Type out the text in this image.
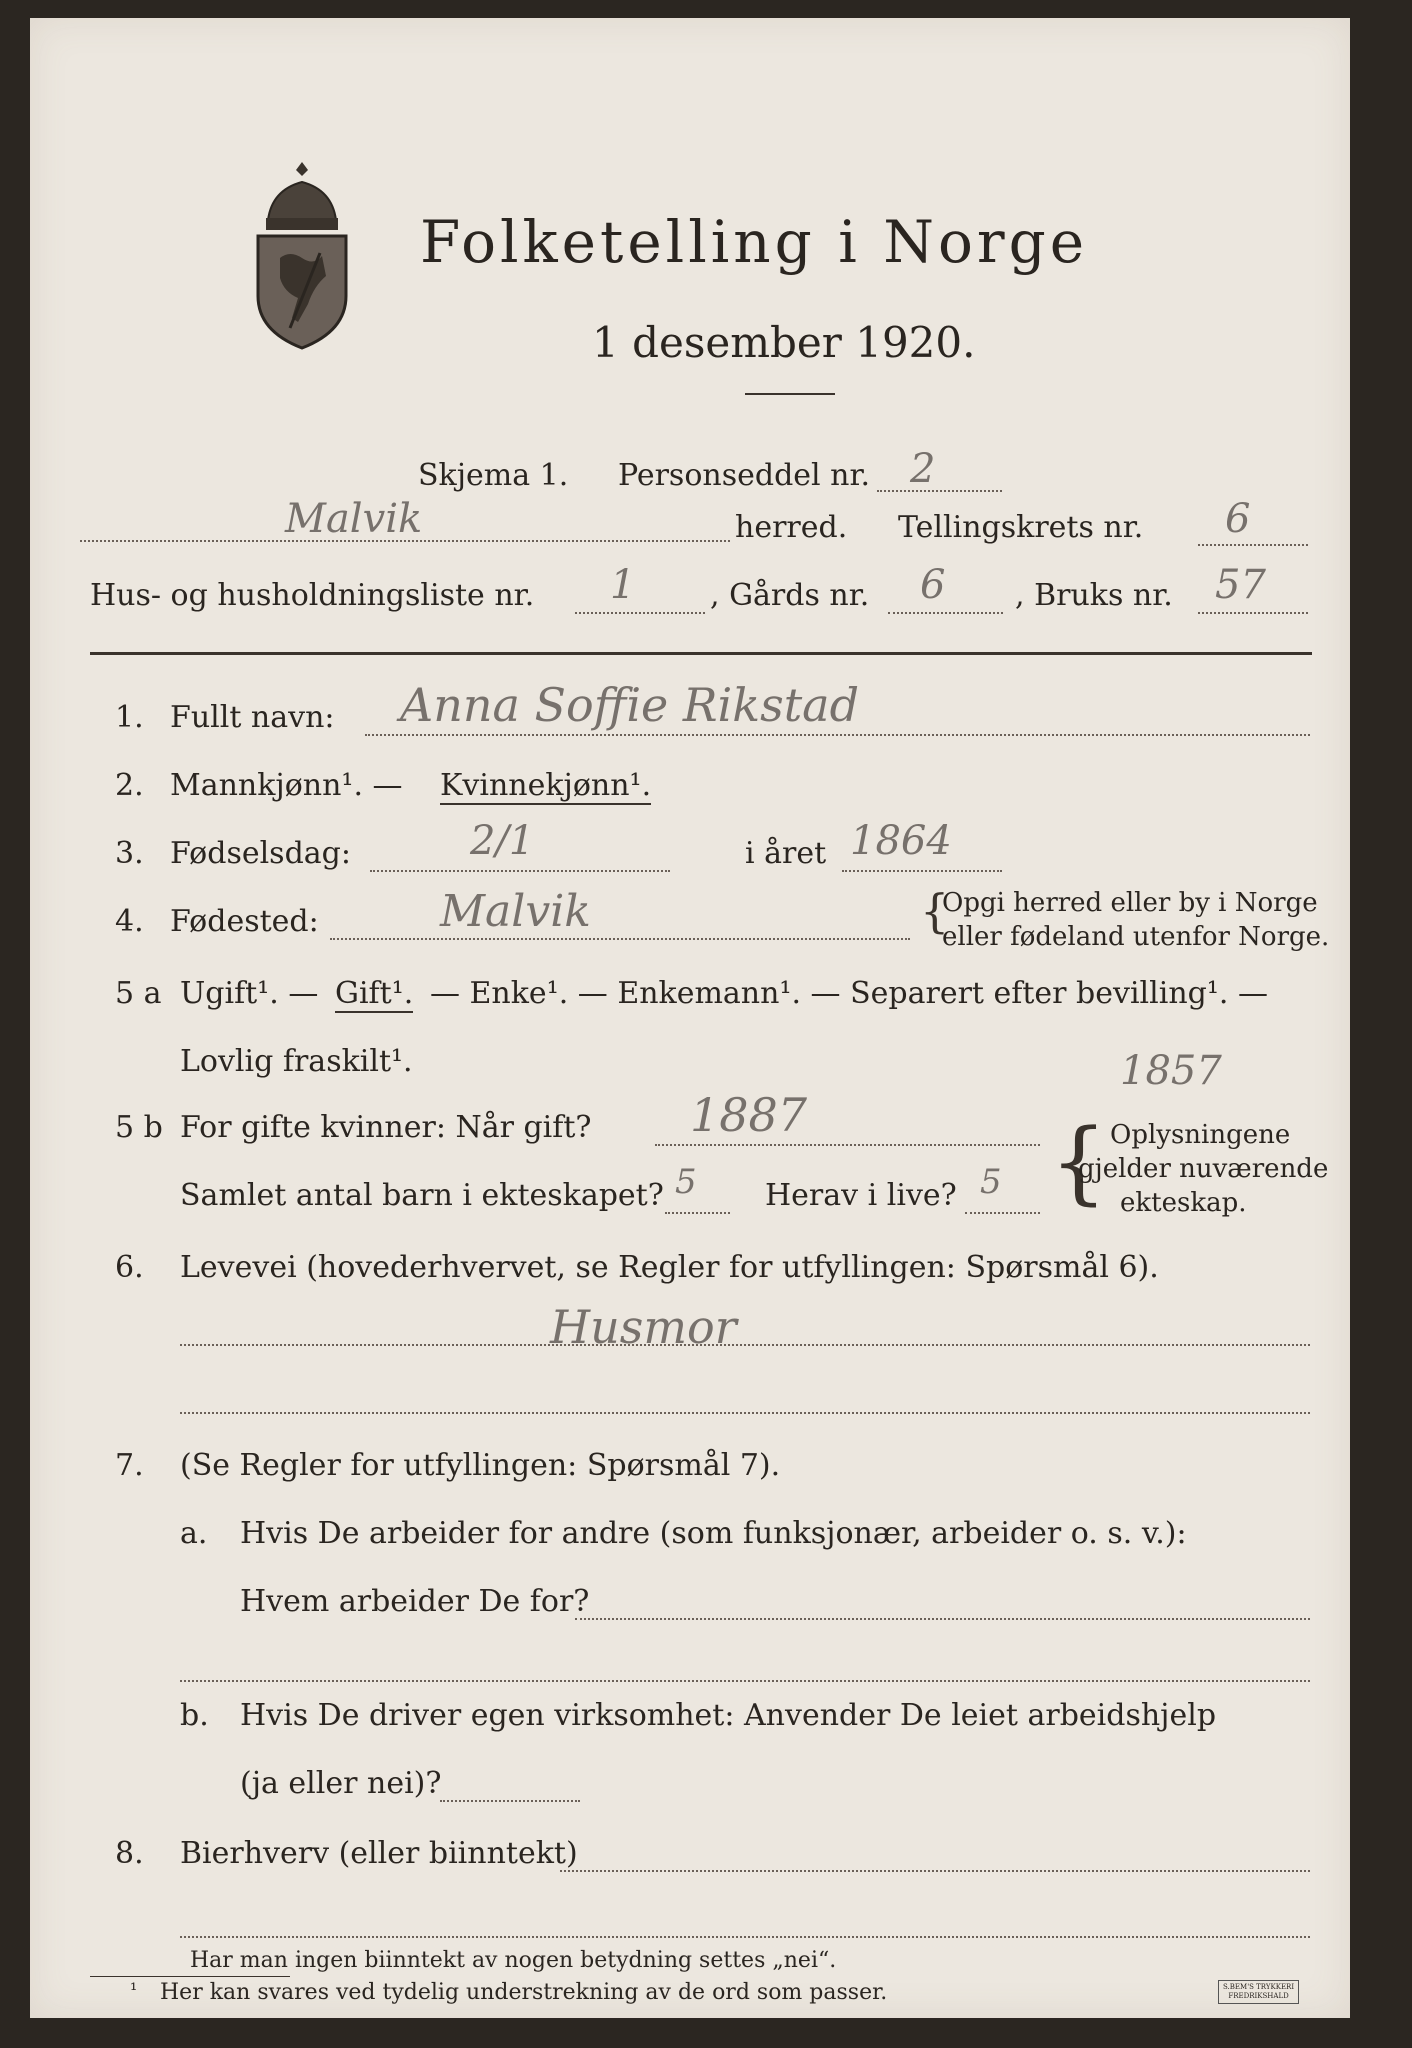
Folketelling i Norge
1 desember 1920.
Skjema 1. Personseddel nr. 2
Malvik	herred. Tellingskrets nr. 6
Hus- og husholdningsliste nr. 1 , Gårds nr. 6 , Bruks nr. 57
1. Fullt navn: Anna Soffie Rikstad
2. Mannkjønn¹. — Kvinnekjønn¹.
3. Fødselsdag:	2/1	i året 1864
4. Fødested:	Malvik	{
Opgi herred eller by i Norge
eller fødeland utenfor Norge.
5 a Ugift¹. — Gift¹. — Enke¹. — Enkemann¹. — Separert efter bevilling¹. —
Lovlig fraskilt¹.	1857
5 b For gifte kvinner: Når gift? 1887
Samlet antal barn i ekteskapet? 5 Herav i live? 5 { Oplysningene
gjelder nuværende
ekteskap.
6. Levevei (hovederhvervet, se Regler for utfyllingen: Spørsmål 6).
Husmor
7. (Se Regler for utfyllingen: Spørsmål 7).
a. Hvis De arbeider for andre (som funksjonær, arbeider o. s. v.):
Hvem arbeider De for?
b. Hvis De driver egen virksomhet: Anvender De leiet arbeidshjelp
(ja eller nei)?
8. Bierhverv (eller biinntekt)
Har man ingen biinntekt av nogen betydning settes „nei“.
¹ Her kan svares ved tydelig understrekning av de ord som passer.	S.BEM'S TRYKKERI
FREDRIKSHALD
